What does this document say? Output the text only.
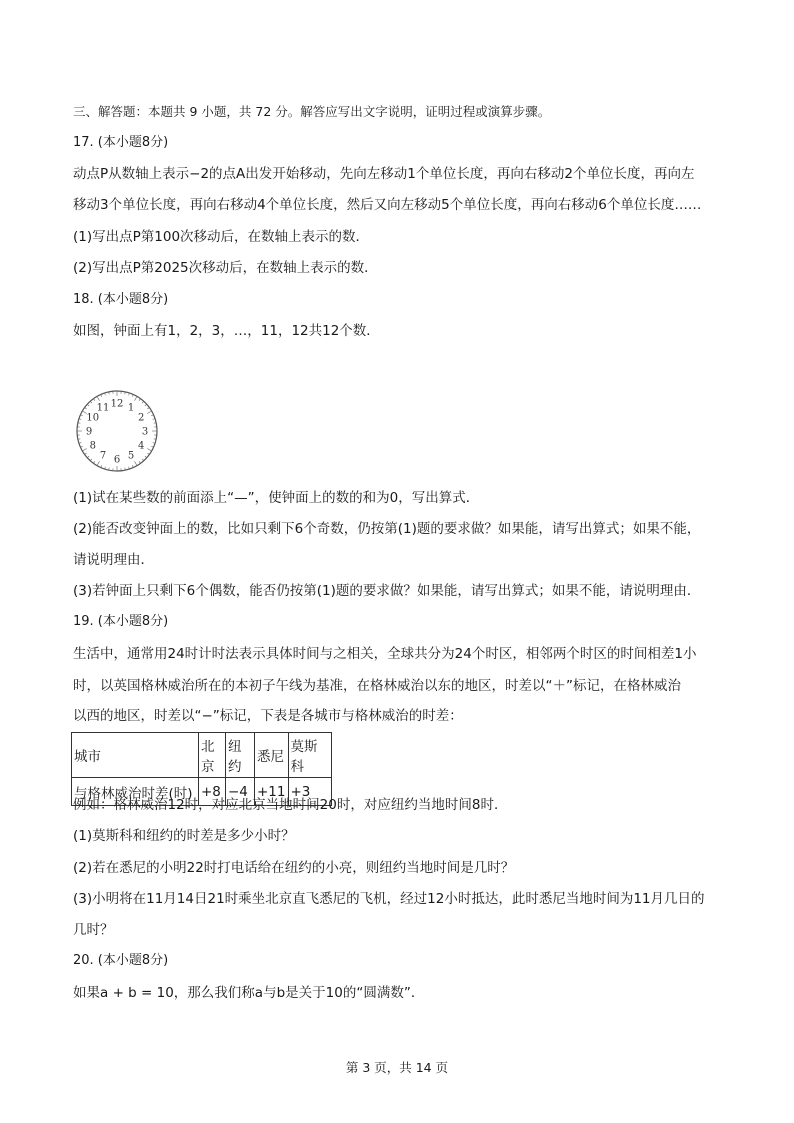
三、解答题：本题共 9 小题，共 72 分。解答应写出文字说明，证明过程或演算步骤。
17. (本小题8分)
动点P从数轴上表示−2的点A出发开始移动，先向左移动1个单位长度，再向右移动2个单位长度，再向左
移动3个单位长度，再向右移动4个单位长度，然后又向左移动5个单位长度，再向右移动6个单位长度……
(1)写出点P第100次移动后，在数轴上表示的数．
(2)写出点P第2025次移动后，在数轴上表示的数．
18. (本小题8分)
如图，钟面上有1，2，3，…，11，12共12个数．
12 1
2
3
4
5
6
7
8
9
10
11
(1)试在某些数的前面添上“—”，使钟面上的数的和为0，写出算式．
(2)能否改变钟面上的数，比如只剩下6个奇数，仍按第(1)题的要求做？如果能，请写出算式；如果不能，
请说明理由．
(3)若钟面上只剩下6个偶数，能否仍按第(1)题的要求做？如果能，请写出算式；如果不能，请说明理由．
19. (本小题8分)
生活中，通常用24时计时法表示具体时间与之相关，全球共分为24个时区，相邻两个时区的时间相差1小
时，以英国格林威治所在的本初子午线为基准，在格林威治以东的地区，时差以“＋”标记，在格林威治
以西的地区，时差以“−”标记，下表是各城市与格林威治的时差：
城市	北京	纽约	悉尼	莫斯科
与格林威治时差(时)	+8	−4	+11	+3
例如：格林威治12时，对应北京当地时间20时，对应纽约当地时间8时．
(1)莫斯科和纽约的时差是多少小时？
(2)若在悉尼的小明22时打电话给在纽约的小亮，则纽约当地时间是几时？
(3)小明将在11月14日21时乘坐北京直飞悉尼的飞机，经过12小时抵达，此时悉尼当地时间为11月几日的
几时？
20. (本小题8分)
如果a + b = 10，那么我们称a与b是关于10的“圆满数”．
第 3 页，共 14 页
